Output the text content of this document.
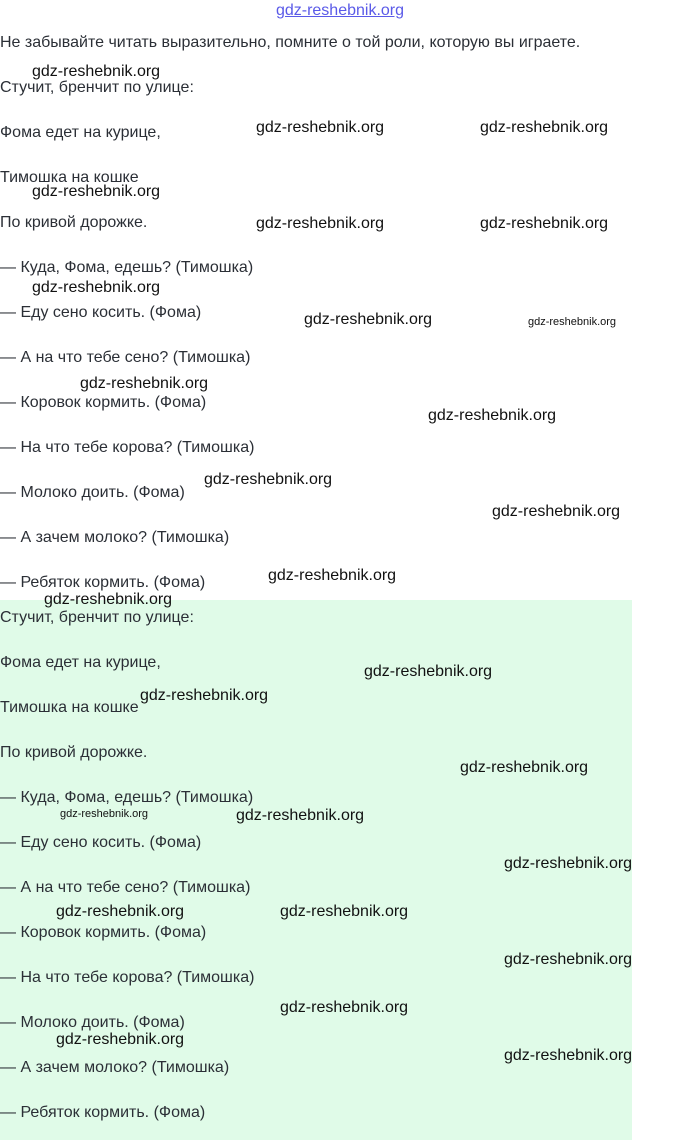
gdz-reshebnik.org
Не забывайте читать выразительно, помните о той роли, которую вы играете.
Стучит, бренчит по улице:
Фома едет на курице,
Тимошка на кошке
По кривой дорожке.
— Куда, Фома, едешь? (Тимошка)
— Еду сено косить. (Фома)
— А на что тебе сено? (Тимошка)
— Коровок кормить. (Фома)
— На что тебе корова? (Тимошка)
— Молоко доить. (Фома)
— А зачем молоко? (Тимошка)
— Ребяток кормить. (Фома)
Стучит, бренчит по улице:
Фома едет на курице,
Тимошка на кошке
По кривой дорожке.
— Куда, Фома, едешь? (Тимошка)
— Еду сено косить. (Фома)
— А на что тебе сено? (Тимошка)
— Коровок кормить. (Фома)
— На что тебе корова? (Тимошка)
— Молоко доить. (Фома)
— А зачем молоко? (Тимошка)
— Ребяток кормить. (Фома)
gdz-reshebnik.org
gdz-reshebnik.org	gdz-reshebnik.org
gdz-reshebnik.org
gdz-reshebnik.org	gdz-reshebnik.org
gdz-reshebnik.org
gdz-reshebnik.org	gdz-reshebnik.org
gdz-reshebnik.org
gdz-reshebnik.org
gdz-reshebnik.org
gdz-reshebnik.org
gdz-reshebnik.org
gdz-reshebnik.org
gdz-reshebnik.org
gdz-reshebnik.org
gdz-reshebnik.org
gdz-reshebnik.org	gdz-reshebnik.org
gdz-reshebnik.org
gdz-reshebnik.org	gdz-reshebnik.org
gdz-reshebnik.org
gdz-reshebnik.org
gdz-reshebnik.org
gdz-reshebnik.org
